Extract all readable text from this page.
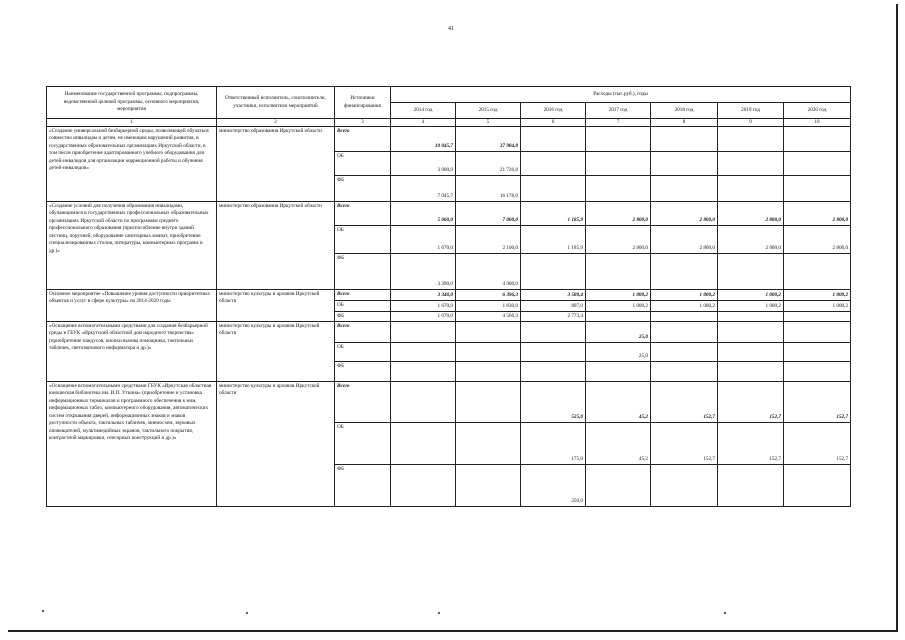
41
Наименование государственной программы, подпрограммы, ведомственной целевой программы, основного мероприятия, мероприятия	Ответственный исполнитель, соисполнители, участники, исполнители мероприятий	Источники финансирования	Расходы (тыс.руб.), годы						
			2014 год	2015 год	2016 год	2017 год	2018 год	2019 год	2020 год
1	2	3	4	5	6	7	8	9	10
«Создание универсальной безбарьерной среды, позволяющей обучаться совместно инвалидам и детям, не имеющим нарушений развития, в государственных образовательных организациях Иркутской области, в том числе приобретение адаптированного учебного оборудования для детей-инвалидов для организации коррекционной работы и обучения детей-инвалидов»	министерство образования Иркутской области	Всего	10 045,7	37 904,8					
		ОБ	3 000,0	21 726,8					
		ФБ	7 045,7	16 178,0					
«Создание условий для получения образования инвалидами, обучающимися в государственных профессиональных образовательных организациях Иркутской области по программам среднего профессионального образования (приспособление внутри зданий лестниц, поручней, оборудование санитарных комнат, приобретение специализированных столов, литературы, компьютерных программ и др.)»	министерство образования Иркутской области	Всего	5 060,0	7 000,0	1 185,9	2 800,0	2 800,0	2 800,0	2 800,0
		ОБ	1 670,0	2 100,0	1 185,9	2 800,0	2 800,0	2 800,0	2 800,0
		ФБ	3 390,0	4 900,0					
Основное мероприятие «Повышение уровня доступности приоритетных объектов и услуг в сфере культуры» на 2014-2020 годы	министерство культуры и архивов Иркутской области	Всего	3 340,0	6 396,3	3 580,4	1 000,2	1 000,2	1 000,2	1 000,2
		ОБ	1 670,0	1 830,0	807,0	1 000,2	1 000,2	1 000,2	1 000,2
		ФБ	1 670,0	4 566,3	2 773,4				
«Оснащение вспомогательными средствами для создания безбарьерной среды в ГБУК «Иркутский областной дом народного творчества» (приобретение пандусов, кнопки вызова помощника, тактильных табличек, светозвукового информатора и др.)»	министерство культуры и архивов Иркутской области	Всего				25,0			
		ОБ				25,0			
		ФБ							
«Оснащение вспомогательными средствами ГБУК «Иркутская областная юношеская библиотека им. И.П. Уткина» (приобретение и установка информационных терминалов и программного обеспечения к ним, информационных табло, компьютерного оборудования, автоматических систем открывания дверей, информационных знаков и знаков доступности объекта, тактильных табличек, мнемосхем, звуковых оповещателей, мультимедийных экранов, тактильного покрытия, контрастной маркировки, сенсорных конструкций и др.)»	министерство культуры и архивов Иркутской области	Всего			525,0	45,2	152,7	152,7	152,7
		ОБ			175,0	45,2	152,7	152,7	152,7
		ФБ			350,0				
